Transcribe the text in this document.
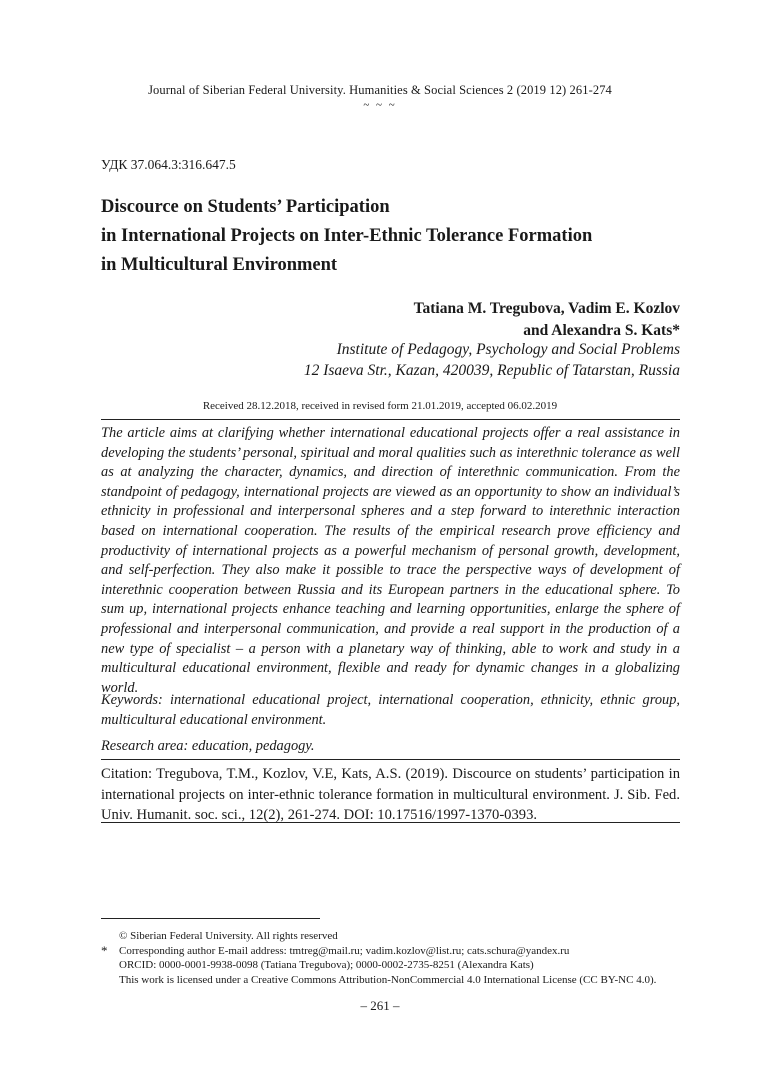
Journal of Siberian Federal University. Humanities & Social Sciences 2 (2019 12) 261-274
~ ~ ~
УДК 37.064.3:316.647.5
Discource on Students’ Participation
in International Projects on Inter-Ethnic Tolerance Formation
in Multicultural Environment
Tatiana M. Tregubova, Vadim E. Kozlov
and Alexandra S. Kats*
Institute of Pedagogy, Psychology and Social Problems
12 Isaeva Str., Kazan, 420039, Republic of Tatarstan, Russia
Received 28.12.2018, received in revised form 21.01.2019, accepted 06.02.2019
The article aims at clarifying whether international educational projects offer a real assistance in developing the students’ personal, spiritual and moral qualities such as interethnic tolerance as well as at analyzing the character, dynamics, and direction of interethnic communication. From the standpoint of pedagogy, international projects are viewed as an opportunity to show an individual’s ethnicity in professional and interpersonal spheres and a step forward to interethnic interaction based on international cooperation. The results of the empirical research prove efficiency and productivity of international projects as a powerful mechanism of personal growth, development, and self-perfection. They also make it possible to trace the perspective ways of development of interethnic cooperation between Russia and its European partners in the educational sphere. To sum up, international projects enhance teaching and learning opportunities, enlarge the sphere of professional and interpersonal communication, and provide a real support in the production of a new type of specialist – a person with a planetary way of thinking, able to work and study in a multicultural educational environment, flexible and ready for dynamic changes in a globalizing world.
Keywords: international educational project, international cooperation, ethnicity, ethnic group, multicultural educational environment.
Research area: education, pedagogy.
Citation: Tregubova, T.M., Kozlov, V.E, Kats, A.S. (2019). Discource on students’ participation in international projects on inter-ethnic tolerance formation in multicultural environment. J. Sib. Fed. Univ. Humanit. soc. sci., 12(2), 261-274. DOI: 10.17516/1997-1370-0393.
*
© Siberian Federal University. All rights reserved
Corresponding author E-mail address: tmtreg@mail.ru; vadim.kozlov@list.ru; cats.schura@yandex.ru
ORCID: 0000-0001-9938-0098 (Tatiana Tregubova); 0000-0002-2735-8251 (Alexandra Kats)
This work is licensed under a Creative Commons Attribution-NonCommercial 4.0 International License (CC BY-NC 4.0).
– 261 –
